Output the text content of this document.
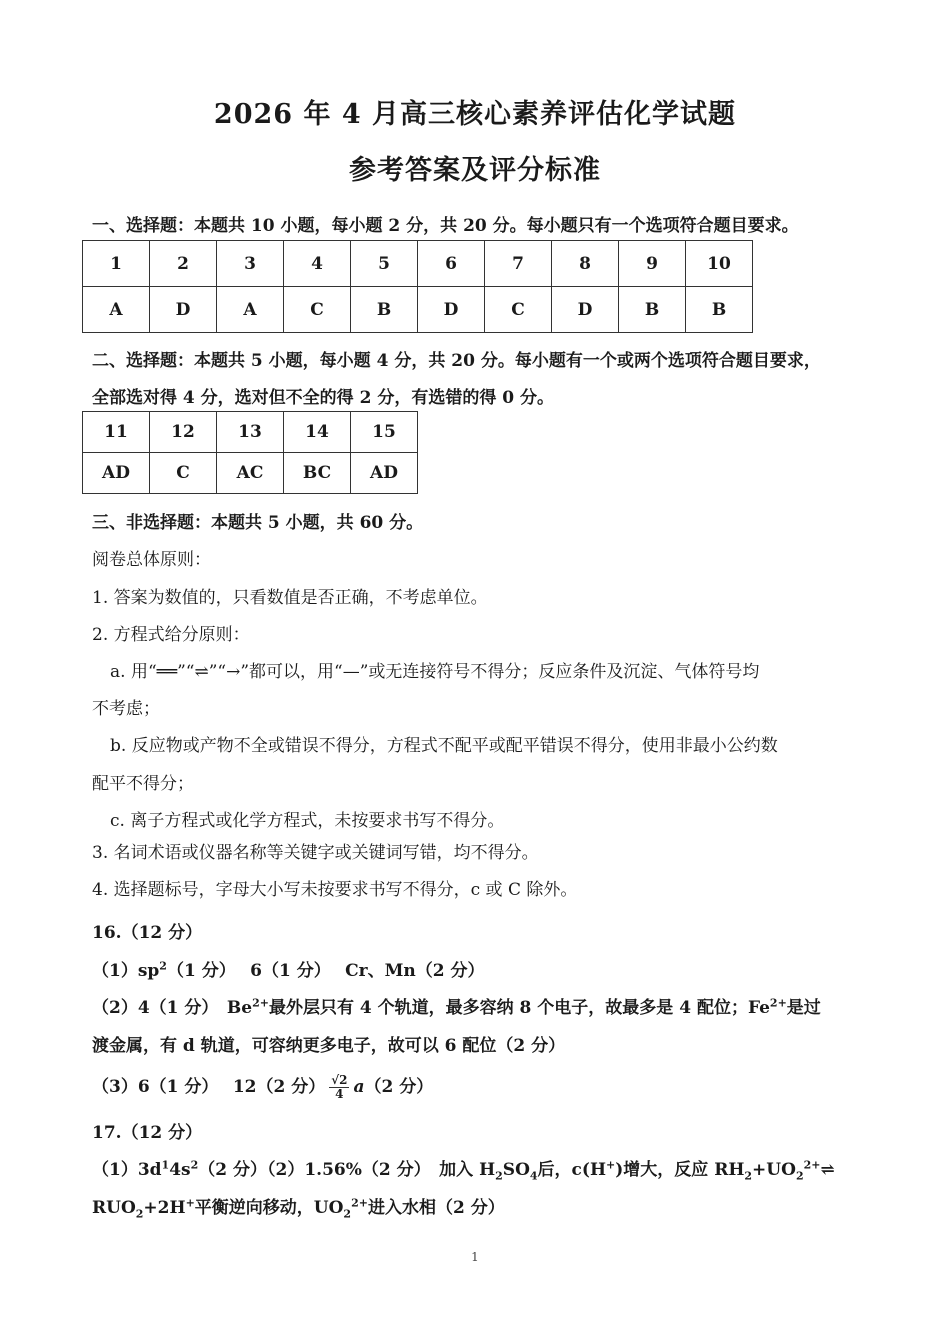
2026 年 4 月高三核心素养评估化学试题
参考答案及评分标准
一、选择题：本题共 10 小题，每小题 2 分，共 20 分。每小题只有一个选项符合题目要求。
1	2	3	4	5	6	7	8	9	10
A	D	A	C	B	D	C	D	B	B
二、选择题：本题共 5 小题，每小题 4 分，共 20 分。每小题有一个或两个选项符合题目要求，
全部选对得 4 分，选对但不全的得 2 分，有选错的得 0 分。
11	12	13	14	15
AD	C	AC	BC	AD
三、非选择题：本题共 5 小题，共 60 分。
阅卷总体原则：
1. 答案为数值的，只看数值是否正确，不考虑单位。
2. 方程式给分原则：
a. 用“══”“⇌”“→”都可以，用“—”或无连接符号不得分；反应条件及沉淀、气体符号均
不考虑；
b. 反应物或产物不全或错误不得分，方程式不配平或配平错误不得分，使用非最小公约数
配平不得分；
c. 离子方程式或化学方程式，未按要求书写不得分。
3. 名词术语或仪器名称等关键字或关键词写错，均不得分。
4. 选择题标号，字母大小写未按要求书写不得分，c 或 C 除外。
16.（12 分）
$(1)sp^2(1$ 分）　 6（1 分）　 Cr、Mn（2 分）
（2）4（1 分）　$Be^{2+}$最外层只有 4 个轨道，最多容纳 8 个电子，故最多是 4 配位；$Fe^{2+}$是过
渡金属，有 d 轨道，可容纳更多电子，故可以 6 配位（2 分）
（3）6（1 分）　 12（2 分） $\frac{√2}{4} a(2$ 分）
17.（12 分）
$(1)3d^14s^2(2$ 分）（2）1.56%（2 分）　加入 $H_2SO_4$后，c(H+)增大，反应 $RH_2+UO_2^{2+}\rightleftharpoons$
$RUO_2+2H^+$平衡逆向移动，$UO_2^{2+}$进入水相（2 分）
1
